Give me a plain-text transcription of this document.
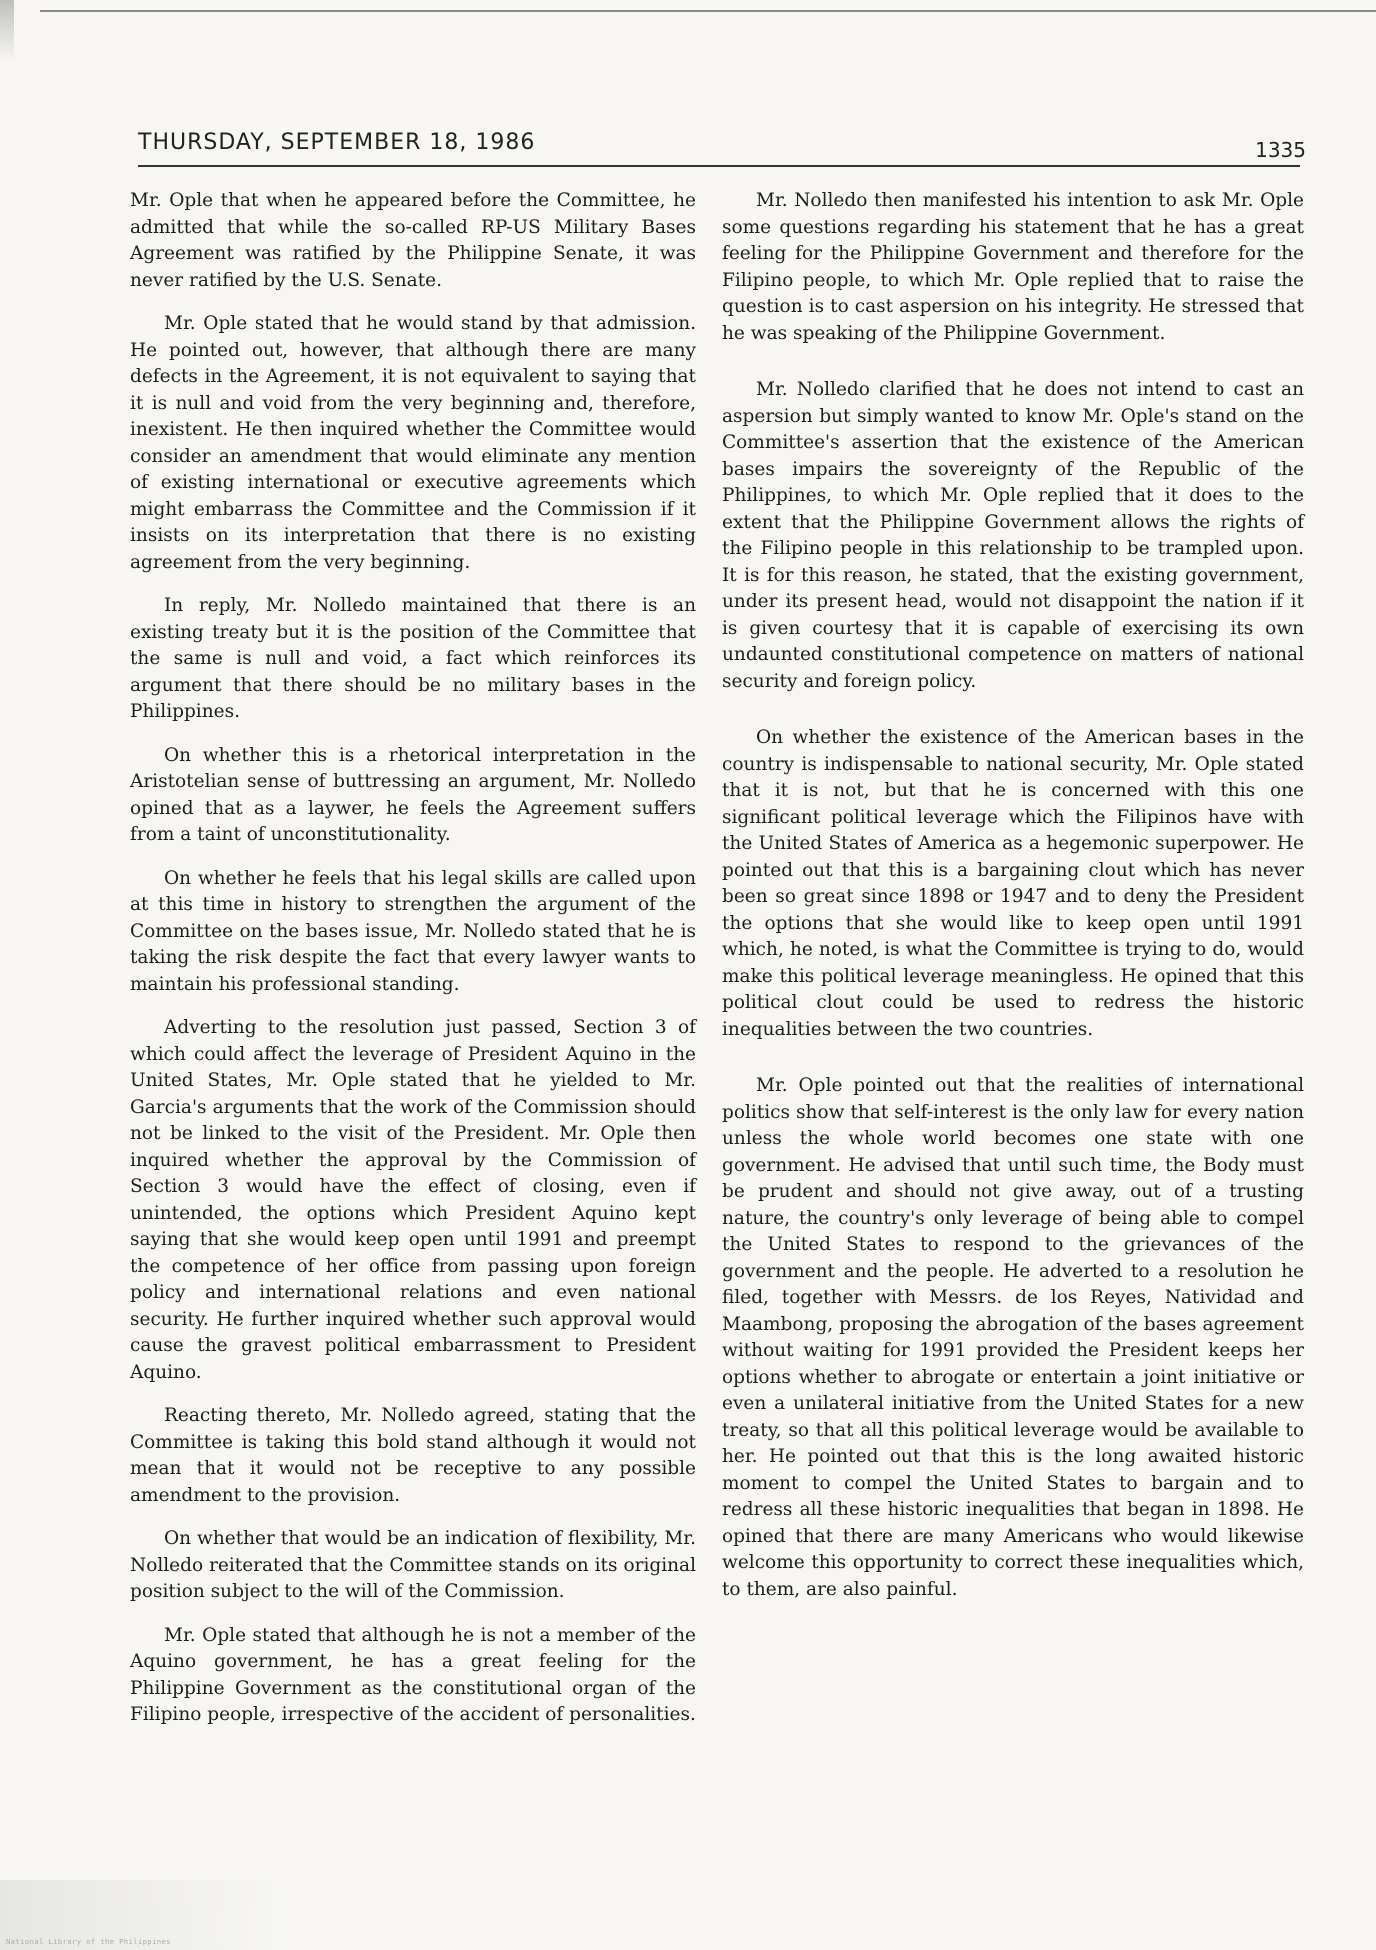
THURSDAY, SEPTEMBER 18, 1986	1335

Mr. Ople that when he appeared before the Committee, he admitted that while the so-called RP-US Military Bases Agreement was ratified by the Philippine Senate, it was never ratified by the U.S. Senate.

Mr. Ople stated that he would stand by that admission. He pointed out, however, that although there are many defects in the Agreement, it is not equivalent to saying that it is null and void from the very beginning and, therefore, inexistent. He then inquired whether the Committee would consider an amendment that would eliminate any mention of existing international or executive agreements which might embarrass the Committee and the Commission if it insists on its interpretation that there is no existing agreement from the very beginning.

In reply, Mr. Nolledo maintained that there is an existing treaty but it is the position of the Committee that the same is null and void, a fact which reinforces its argument that there should be no military bases in the Philippines.

On whether this is a rhetorical interpretation in the Aristotelian sense of buttressing an argument, Mr. Nolledo opined that as a laywer, he feels the Agreement suffers from a taint of unconstitutionality.

On whether he feels that his legal skills are called upon at this time in history to strengthen the argument of the Committee on the bases issue, Mr. Nolledo stated that he is taking the risk despite the fact that every lawyer wants to maintain his professional standing.

Adverting to the resolution just passed, Section 3 of which could affect the leverage of President Aquino in the United States, Mr. Ople stated that he yielded to Mr. Garcia's arguments that the work of the Commission should not be linked to the visit of the President. Mr. Ople then inquired whether the approval by the Commission of Section 3 would have the effect of closing, even if unintended, the options which President Aquino kept saying that she would keep open until 1991 and preempt the competence of her office from passing upon foreign policy and international relations and even national security. He further inquired whether such approval would cause the gravest political embarrassment to President Aquino.

Reacting thereto, Mr. Nolledo agreed, stating that the Committee is taking this bold stand although it would not mean that it would not be receptive to any possible amendment to the provision.

On whether that would be an indication of flexibility, Mr. Nolledo reiterated that the Committee stands on its original position subject to the will of the Commission.

Mr. Ople stated that although he is not a member of the Aquino government, he has a great feeling for the Philippine Government as the constitutional organ of the Filipino people, irrespective of the accident of personalities.

Mr. Nolledo then manifested his intention to ask Mr. Ople some questions regarding his statement that he has a great feeling for the Philippine Government and therefore for the Filipino people, to which Mr. Ople replied that to raise the question is to cast aspersion on his integrity. He stressed that he was speaking of the Philippine Government.

Mr. Nolledo clarified that he does not intend to cast an aspersion but simply wanted to know Mr. Ople's stand on the Committee's assertion that the existence of the American bases impairs the sovereignty of the Republic of the Philippines, to which Mr. Ople replied that it does to the extent that the Philippine Government allows the rights of the Filipino people in this relationship to be trampled upon. It is for this reason, he stated, that the existing government, under its present head, would not disappoint the nation if it is given courtesy that it is capable of exercising its own undaunted constitutional competence on matters of national security and foreign policy.

On whether the existence of the American bases in the country is indispensable to national security, Mr. Ople stated that it is not, but that he is concerned with this one significant political leverage which the Filipinos have with the United States of America as a hegemonic superpower. He pointed out that this is a bargaining clout which has never been so great since 1898 or 1947 and to deny the President the options that she would like to keep open until 1991 which, he noted, is what the Committee is trying to do, would make this political leverage meaningless. He opined that this political clout could be used to redress the historic inequalities between the two countries.

Mr. Ople pointed out that the realities of international politics show that self-interest is the only law for every nation unless the whole world becomes one state with one government. He advised that until such time, the Body must be prudent and should not give away, out of a trusting nature, the country's only leverage of being able to compel the United States to respond to the grievances of the government and the people. He adverted to a resolution he filed, together with Messrs. de los Reyes, Natividad and Maambong, proposing the abrogation of the bases agreement without waiting for 1991 provided the President keeps her options whether to abrogate or entertain a joint initiative or even a unilateral initiative from the United States for a new treaty, so that all this political leverage would be available to her. He pointed out that this is the long awaited historic moment to compel the United States to bargain and to redress all these historic inequalities that began in 1898. He opined that there are many Americans who would likewise welcome this opportunity to correct these inequalities which, to them, are also painful.

National Library of the Philippines
